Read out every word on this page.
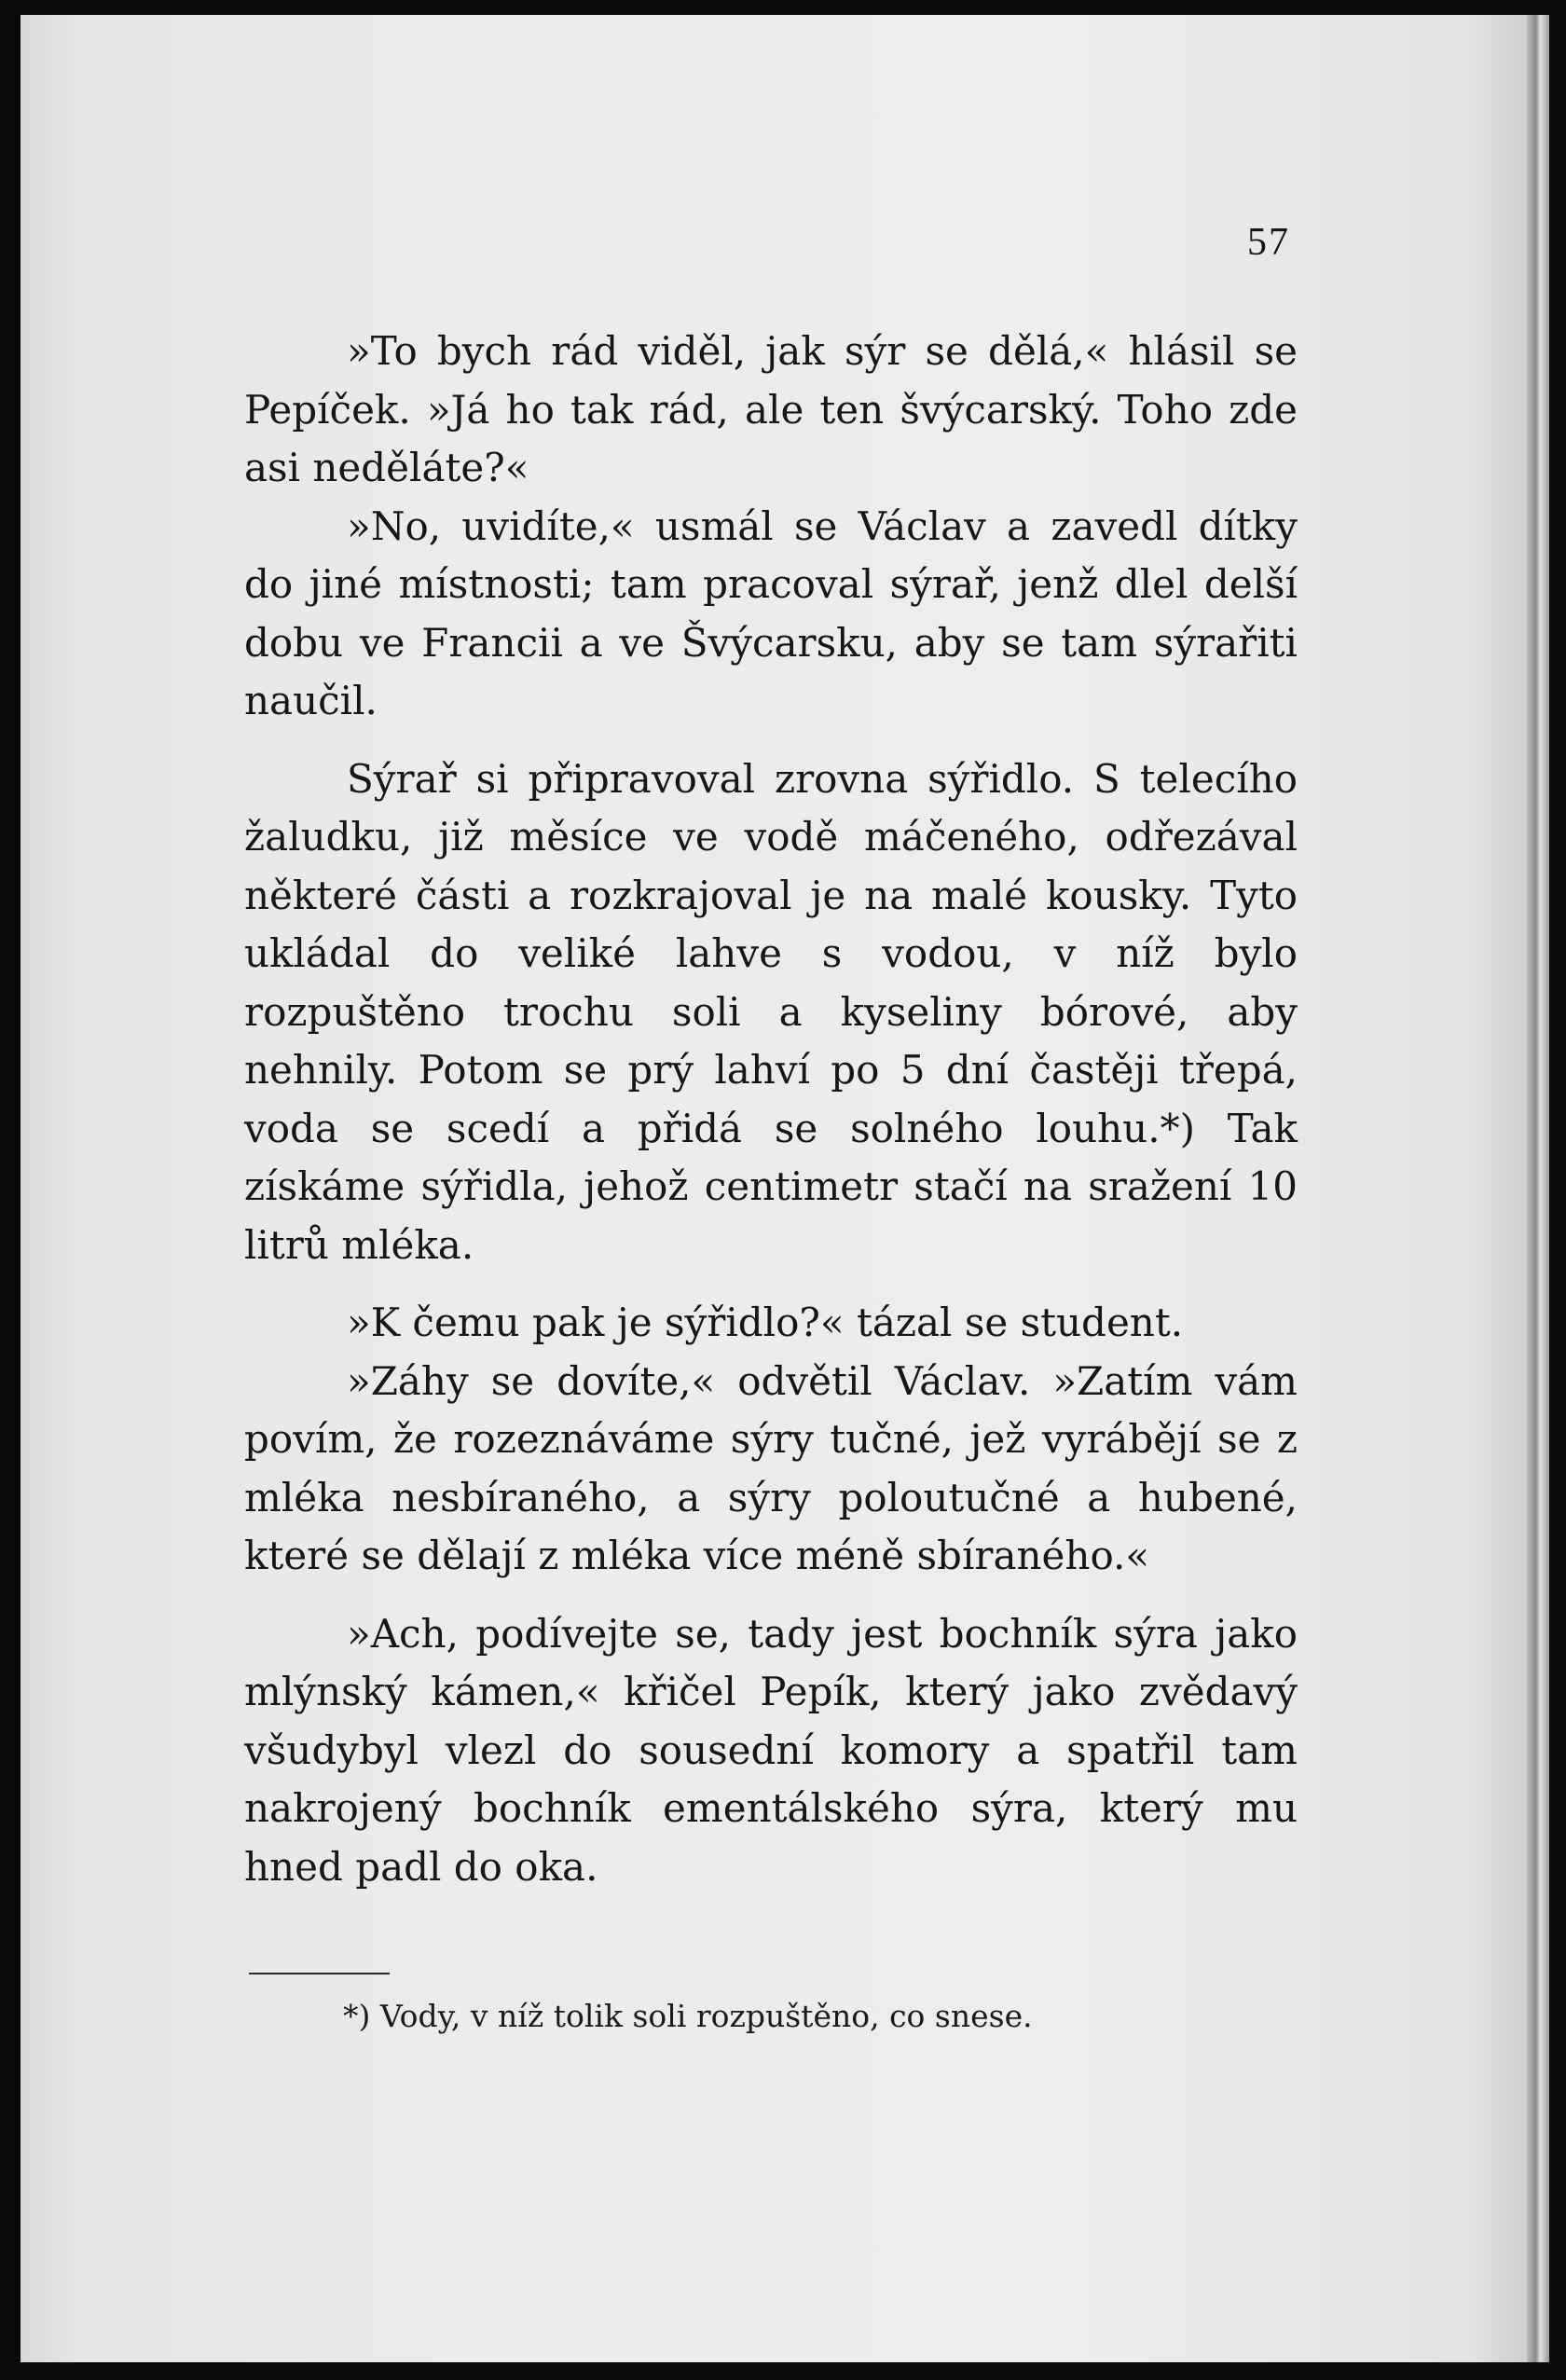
57

»To bych rád viděl, jak sýr se dělá,« hlásil se Pepíček. »Já ho tak rád, ale ten švýcarský. Toho zde asi neděláte?«

»No, uvidíte,« usmál se Václav a zavedl dítky do jiné místnosti; tam pracoval sýrař, jenž dlel delší dobu ve Francii a ve Švýcarsku, aby se tam sýrařiti naučil.

Sýrař si připravoval zrovna sýřidlo. S telecího žaludku, již měsíce ve vodě máčeného, odřezával některé části a rozkrajoval je na malé kousky. Tyto ukládal do veliké lahve s vodou, v níž bylo rozpuštěno trochu soli a kyseliny bórové, aby nehnily. Potom se prý lahví po 5 dní častěji třepá, voda se scedí a přidá se solného louhu.*) Tak získáme sýřidla, jehož centimetr stačí na sražení 10 litrů mléka.

»K čemu pak je sýřidlo?« tázal se student.

»Záhy se dovíte,« odvětil Václav. »Zatím vám povím, že rozeznáváme sýry tučné, jež vyrábějí se z mléka nesbíraného, a sýry poloutučné a hubené, které se dělají z mléka více méně sbíraného.«

»Ach, podívejte se, tady jest bochník sýra jako mlýnský kámen,« křičel Pepík, který jako zvědavý všudybyl vlezl do sousední komory a spatřil tam nakrojený bochník ementálského sýra, který mu hned padl do oka.

*) Vody, v níž tolik soli rozpuštěno, co snese.
